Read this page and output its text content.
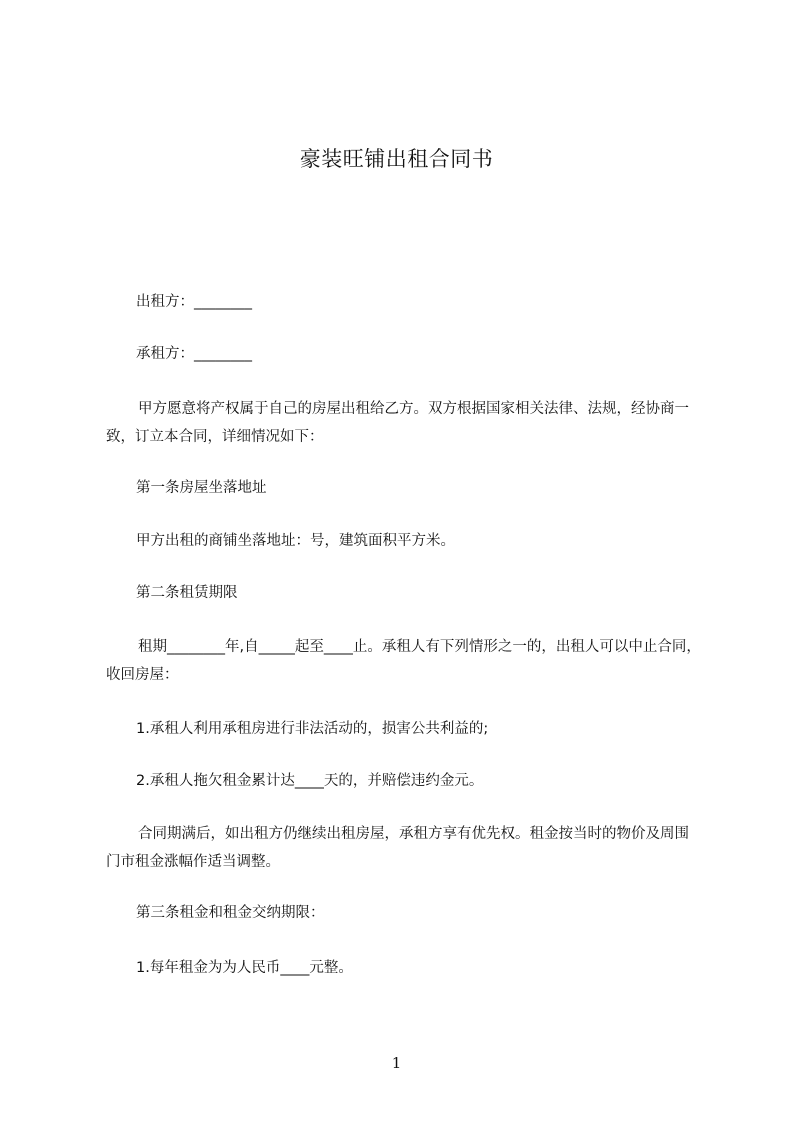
豪装旺铺出租合同书

出租方：________

承租方：________

甲方愿意将产权属于自己的房屋出租给乙方。双方根据国家相关法律、法规，经协商一致，订立本合同，详细情况如下：

第一条房屋坐落地址

甲方出租的商铺坐落地址：号，建筑面积平方米。

第二条租赁期限

租期________年,自_____起至____止。承租人有下列情形之一的，出租人可以中止合同，收回房屋：

1.承租人利用承租房进行非法活动的，损害公共利益的;

2.承租人拖欠租金累计达____天的，并赔偿违约金元。

合同期满后，如出租方仍继续出租房屋，承租方享有优先权。租金按当时的物价及周围门市租金涨幅作适当调整。

第三条租金和租金交纳期限：

1.每年租金为为人民币____元整。

1
